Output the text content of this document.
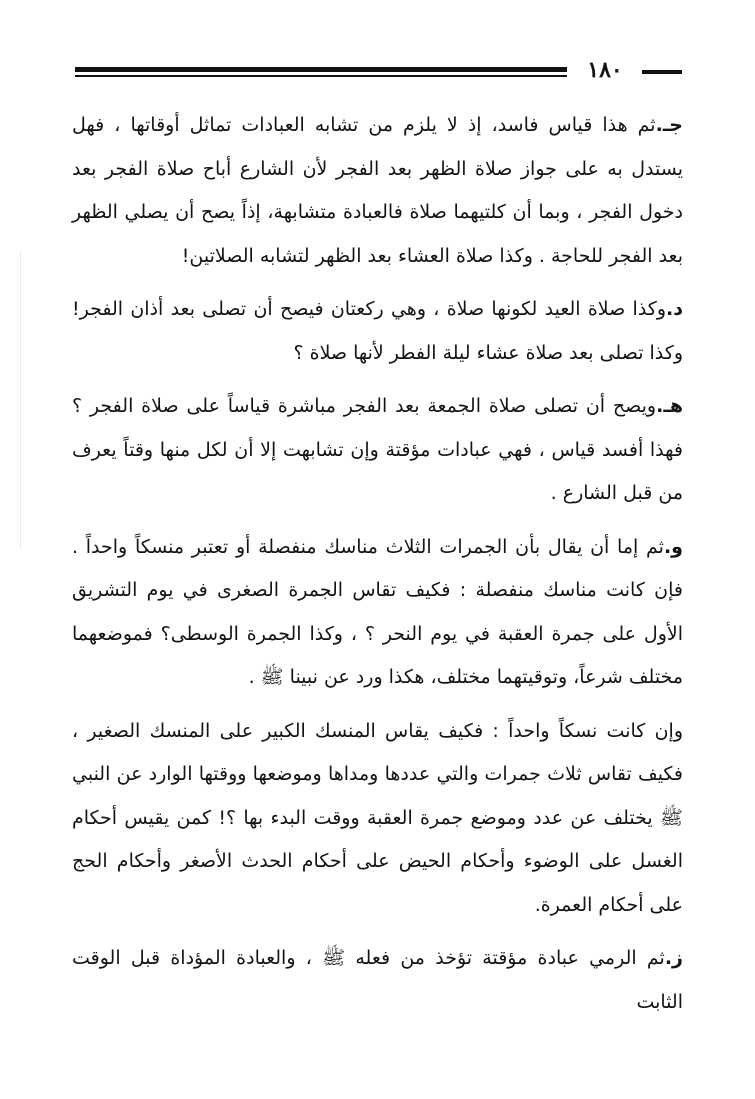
١٨٠

جـ.ثم هذا قياس فاسد، إذ لا يلزم من تشابه العبادات تماثل أوقاتها ، فهل يستدل به على جواز صلاة الظهر بعد الفجر لأن الشارع أباح صلاة الفجر بعد دخول الفجر ، وبما أن كلتيهما صلاة فالعبادة متشابهة، إذاً يصح أن يصلي الظهر بعد الفجر للحاجة . وكذا صلاة العشاء بعد الظهر لتشابه الصلاتين!

د.وكذا صلاة العيد لكونها صلاة ، وهي ركعتان فيصح أن تصلى بعد أذان الفجر! وكذا تصلى بعد صلاة عشاء ليلة الفطر لأنها صلاة ؟

هـ.ويصح أن تصلى صلاة الجمعة بعد الفجر مباشرة قياساً على صلاة الفجر ؟ فهذا أفسد قياس ، فهي عبادات مؤقتة وإن تشابهت إلا أن لكل منها وقتاً يعرف من قبل الشارع .

و.ثم إما أن يقال بأن الجمرات الثلاث مناسك منفصلة أو تعتبر منسكاً واحداً . فإن كانت مناسك منفصلة : فكيف تقاس الجمرة الصغرى في يوم التشريق الأول على جمرة العقبة في يوم النحر ؟ ، وكذا الجمرة الوسطى؟ فموضعهما مختلف شرعاً، وتوقيتهما مختلف، هكذا ورد عن نبينا ﷺ .

وإن كانت نسكاً واحداً : فكيف يقاس المنسك الكبير على المنسك الصغير ، فكيف تقاس ثلاث جمرات والتي عددها ومداها وموضعها ووقتها الوارد عن النبي ﷺ يختلف عن عدد وموضع جمرة العقبة ووقت البدء بها ؟! كمن يقيس أحكام الغسل على الوضوء وأحكام الحيض على أحكام الحدث الأصغر وأحكام الحج على أحكام العمرة.

ز.ثم الرمي عبادة مؤقتة تؤخذ من فعله ﷺ ، والعبادة المؤداة قبل الوقت الثابت
